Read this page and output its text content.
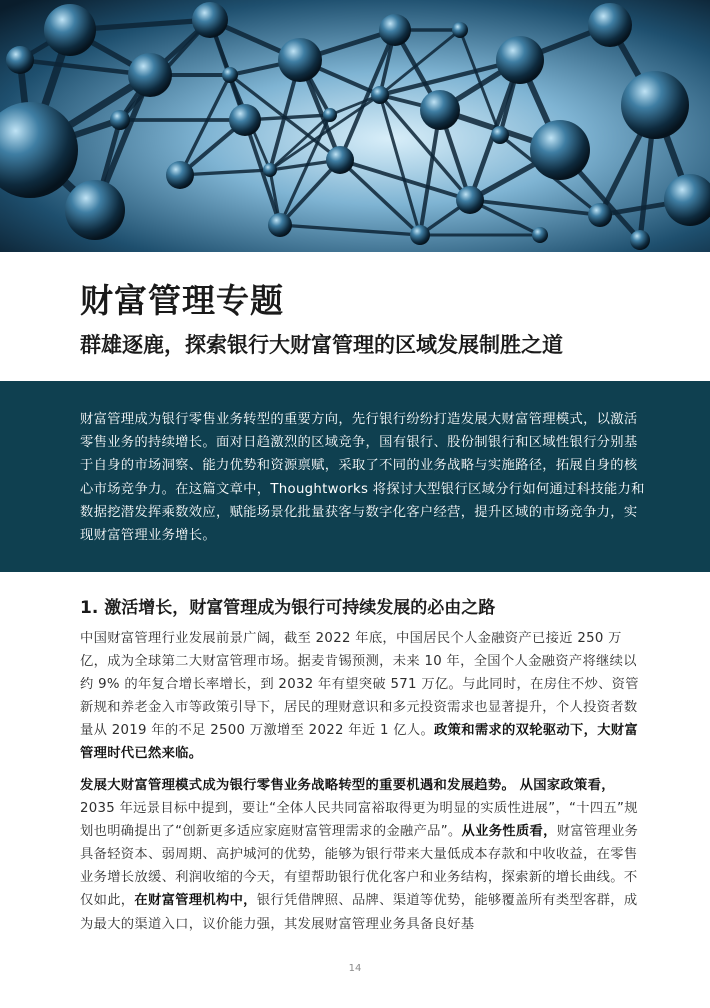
财富管理专题
群雄逐鹿，探索银行大财富管理的区域发展制胜之道
财富管理成为银行零售业务转型的重要方向，先行银行纷纷打造发展大财富管理模式，以激活零售业务的持续增长。面对日趋激烈的区域竞争，国有银行、股份制银行和区域性银行分别基于自身的市场洞察、能力优势和资源禀赋，采取了不同的业务战略与实施路径，拓展自身的核心市场竞争力。在这篇文章中，Thoughtworks 将探讨大型银行区域分行如何通过科技能力和数据挖潜发挥乘数效应，赋能场景化批量获客与数字化客户经营，提升区域的市场竞争力，实现财富管理业务增长。
1. 激活增长，财富管理成为银行可持续发展的必由之路

中国财富管理行业发展前景广阔，截至 2022 年底，中国居民个人金融资产已接近 250 万亿，成为全球第二大财富管理市场。据麦肯锡预测，未来 10 年，全国个人金融资产将继续以约 9% 的年复合增长率增长，到 2032 年有望突破 571 万亿。与此同时，在房住不炒、资管新规和养老金入市等政策引导下，居民的理财意识和多元投资需求也显著提升，个人投资者数量从 2019 年的不足 2500 万激增至 2022 年近 1 亿人。政策和需求的双轮驱动下，大财富管理时代已然来临。

发展大财富管理模式成为银行零售业务战略转型的重要机遇和发展趋势。 从国家政策看，2035 年远景目标中提到，要让“全体人民共同富裕取得更为明显的实质性进展”，“十四五”规划也明确提出了“创新更多适应家庭财富管理需求的金融产品”。从业务性质看，财富管理业务具备轻资本、弱周期、高护城河的优势，能够为银行带来大量低成本存款和中收收益，在零售业务增长放缓、利润收缩的今天，有望帮助银行优化客户和业务结构，探索新的增长曲线。不仅如此，在财富管理机构中，银行凭借牌照、品牌、渠道等优势，能够覆盖所有类型客群，成为最大的渠道入口，议价能力强，其发展财富管理业务具备良好基

14
